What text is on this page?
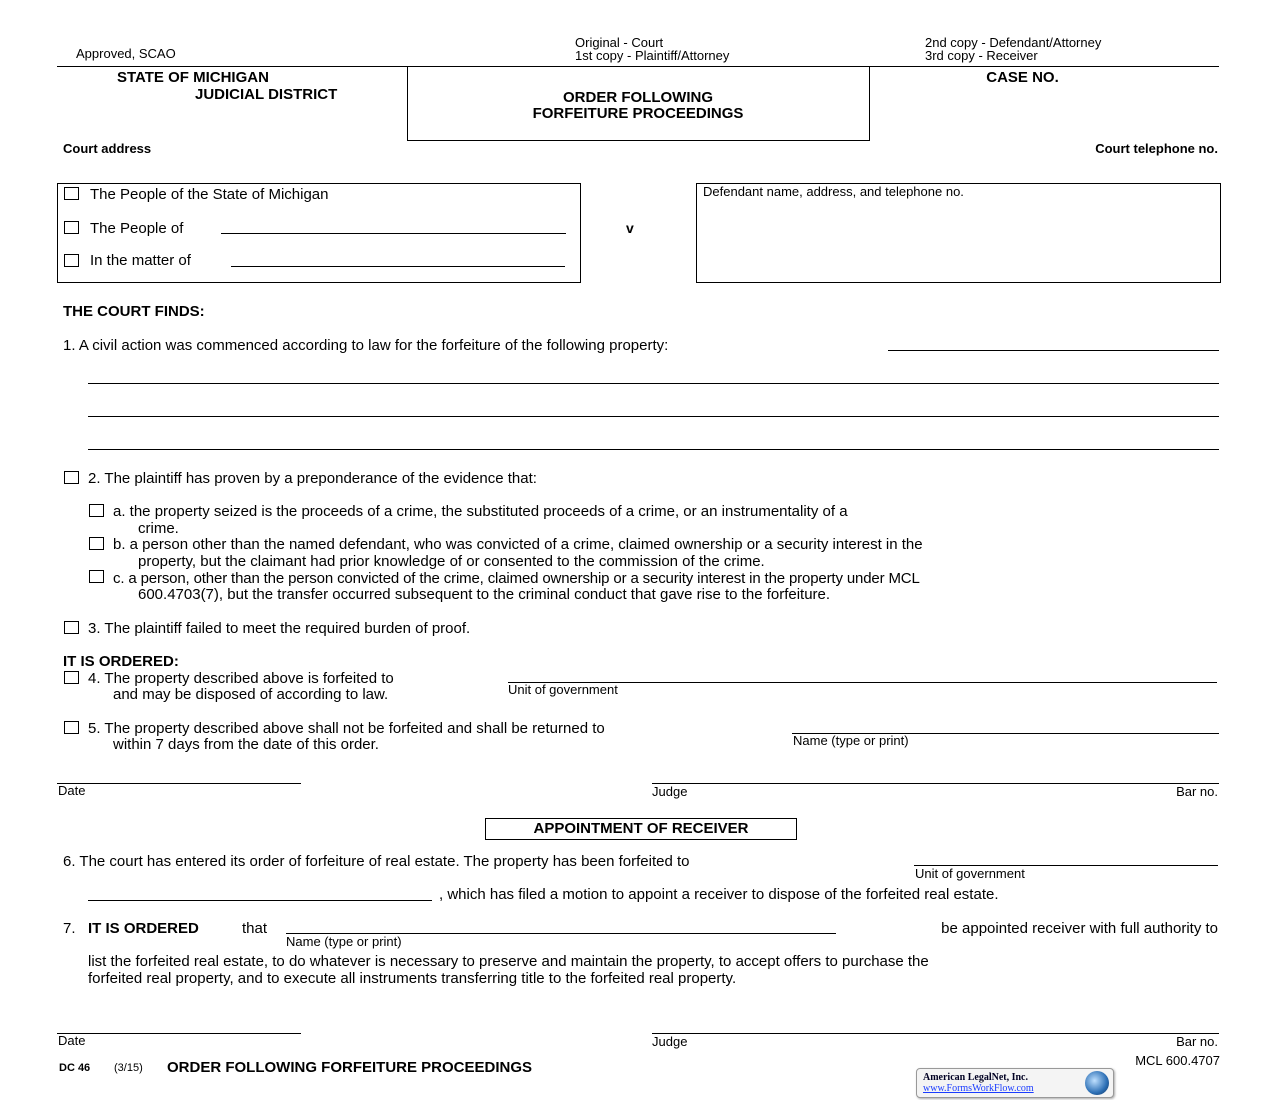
Approved, SCAO
Original - Court
1st copy - Plaintiff/Attorney
2nd copy - Defendant/Attorney
3rd copy - Receiver
STATE OF MICHIGAN
JUDICIAL DISTRICT	ORDER FOLLOWING
FORFEITURE PROCEEDINGS
CASE NO.
Court address	Court telephone no.
The People of the State of Michigan
The People of
In the matter of
v
Defendant name, address, and telephone no.
THE COURT FINDS:
1. A civil action was commenced according to law for the forfeiture of the following property:
2. The plaintiff has proven by a preponderance of the evidence that:
a. the property seized is the proceeds of a crime, the substituted proceeds of a crime, or an instrumentality of a
crime.
b. a person other than the named defendant, who was convicted of a crime, claimed ownership or a security interest in the
property, but the claimant had prior knowledge of or consented to the commission of the crime.
c. a person, other than the person convicted of the crime, claimed ownership or a security interest in the property under MCL
600.4703(7), but the transfer occurred subsequent to the criminal conduct that gave rise to the forfeiture.
3. The plaintiff failed to meet the required burden of proof.
IT IS ORDERED:
4. The property described above is forfeited to
and may be disposed of according to law.	Unit of government
5. The property described above shall not be forfeited and shall be returned to
within 7 days from the date of this order.	Name (type or print)
Date	Judge	Bar no.
APPOINTMENT OF RECEIVER
6. The court has entered its order of forfeiture of real estate. The property has been forfeited to
Unit of government
, which has filed a motion to appoint a receiver to dispose of the forfeited real estate.
7. IT IS ORDERED	that
Name (type or print)
be appointed receiver with full authority to
list the forfeited real estate, to do whatever is necessary to preserve and maintain the property, to accept offers to purchase the
forfeited real property, and to execute all instruments transferring title to the forfeited real property.
Date	Judge	Bar no.
DC 46 (3/15) ORDER FOLLOWING FORFEITURE PROCEEDINGS	MCL 600.4707
American LegalNet, Inc.
www.FormsWorkFlow.com
